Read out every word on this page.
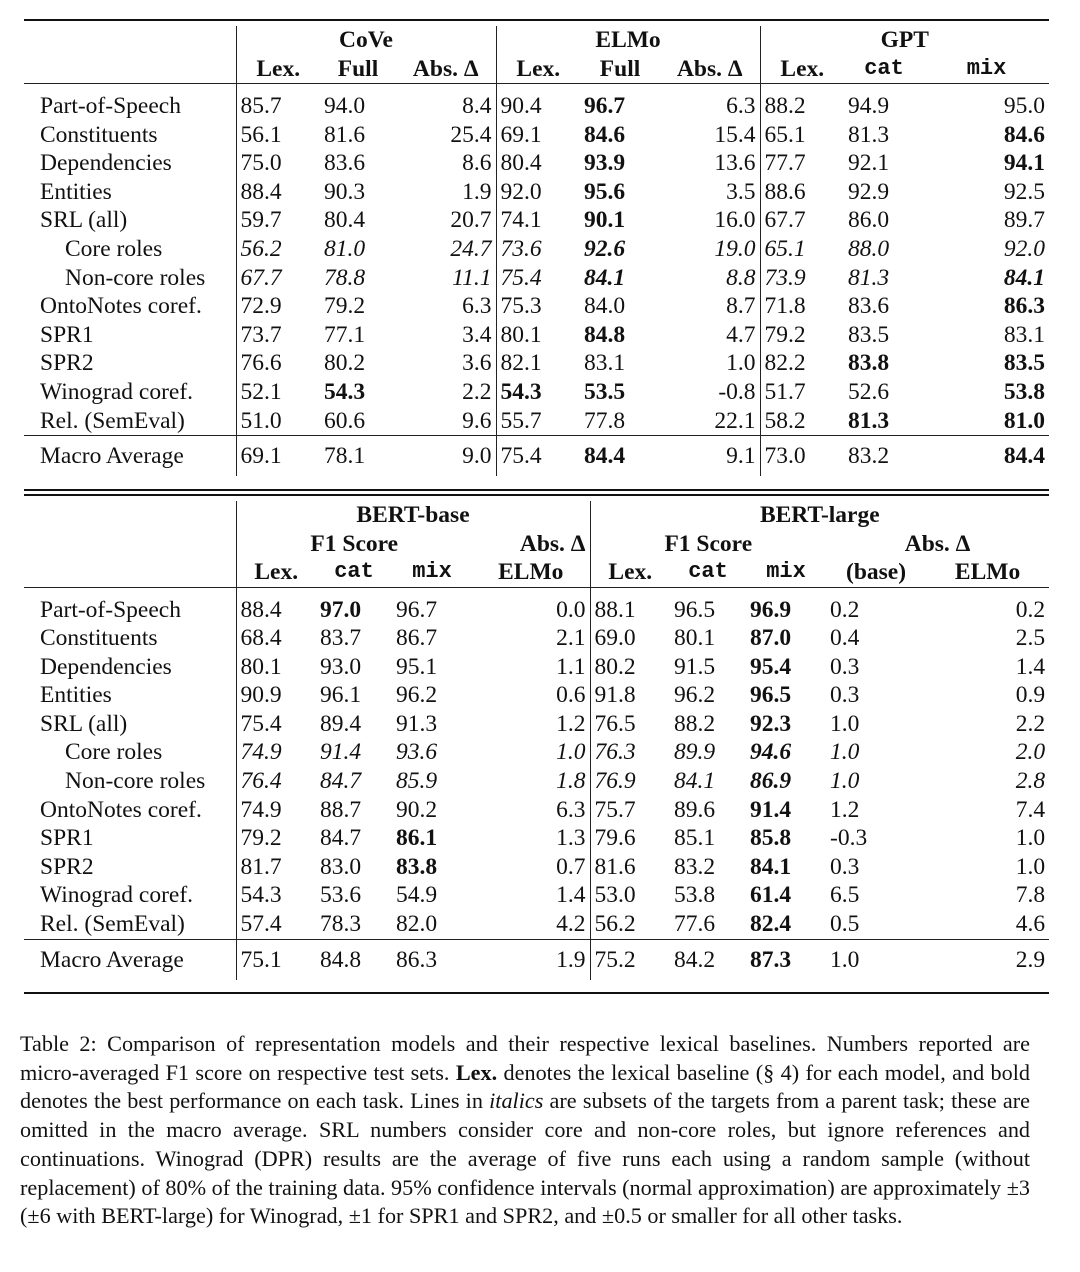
	CoVe			ELMo			GPT		
	Lex.	Full	Abs. Δ	Lex.	Full	Abs. Δ	Lex.	cat	mix
Part-of-Speech	85.7	94.0	8.4	90.4	96.7	6.3	88.2	94.9	95.0
Constituents	56.1	81.6	25.4	69.1	84.6	15.4	65.1	81.3	84.6
Dependencies	75.0	83.6	8.6	80.4	93.9	13.6	77.7	92.1	94.1
Entities	88.4	90.3	1.9	92.0	95.6	3.5	88.6	92.9	92.5
SRL (all)	59.7	80.4	20.7	74.1	90.1	16.0	67.7	86.0	89.7
Core roles	56.2	81.0	24.7	73.6	92.6	19.0	65.1	88.0	92.0
Non-core roles	67.7	78.8	11.1	75.4	84.1	8.8	73.9	81.3	84.1
OntoNotes coref.	72.9	79.2	6.3	75.3	84.0	8.7	71.8	83.6	86.3
SPR1	73.7	77.1	3.4	80.1	84.8	4.7	79.2	83.5	83.1
SPR2	76.6	80.2	3.6	82.1	83.1	1.0	82.2	83.8	83.5
Winograd coref.	52.1	54.3	2.2	54.3	53.5	-0.8	51.7	52.6	53.8
Rel. (SemEval)	51.0	60.6	9.6	55.7	77.8	22.1	58.2	81.3	81.0
Macro Average	69.1	78.1	9.0	75.4	84.4	9.1	73.0	83.2	84.4
	BERT-base				BERT-large				
	F1 Score			Abs. Δ	F1 Score			Abs. Δ	
	Lex.	cat	mix	ELMo	Lex.	cat	mix	(base)	ELMo
Part-of-Speech	88.4	97.0	96.7	0.0	88.1	96.5	96.9	0.2	0.2
Constituents	68.4	83.7	86.7	2.1	69.0	80.1	87.0	0.4	2.5
Dependencies	80.1	93.0	95.1	1.1	80.2	91.5	95.4	0.3	1.4
Entities	90.9	96.1	96.2	0.6	91.8	96.2	96.5	0.3	0.9
SRL (all)	75.4	89.4	91.3	1.2	76.5	88.2	92.3	1.0	2.2
Core roles	74.9	91.4	93.6	1.0	76.3	89.9	94.6	1.0	2.0
Non-core roles	76.4	84.7	85.9	1.8	76.9	84.1	86.9	1.0	2.8
OntoNotes coref.	74.9	88.7	90.2	6.3	75.7	89.6	91.4	1.2	7.4
SPR1	79.2	84.7	86.1	1.3	79.6	85.1	85.8	-0.3	1.0
SPR2	81.7	83.0	83.8	0.7	81.6	83.2	84.1	0.3	1.0
Winograd coref.	54.3	53.6	54.9	1.4	53.0	53.8	61.4	6.5	7.8
Rel. (SemEval)	57.4	78.3	82.0	4.2	56.2	77.6	82.4	0.5	4.6
Macro Average	75.1	84.8	86.3	1.9	75.2	84.2	87.3	1.0	2.9
Table 2: Comparison of representation models and their respective lexical baselines. Numbers reported are micro-averaged F1 score on respective test sets. Lex. denotes the lexical baseline (§ 4) for each model, and bold denotes the best performance on each task. Lines in italics are subsets of the targets from a parent task; these are omitted in the macro average. SRL numbers consider core and non-core roles, but ignore references and continuations. Winograd (DPR) results are the average of five runs each using a random sample (without replacement) of 80% of the training data. 95% confidence intervals (normal approximation) are approximately ±3 (±6 with BERT-large) for Winograd, ±1 for SPR1 and SPR2, and ±0.5 or smaller for all other tasks.
